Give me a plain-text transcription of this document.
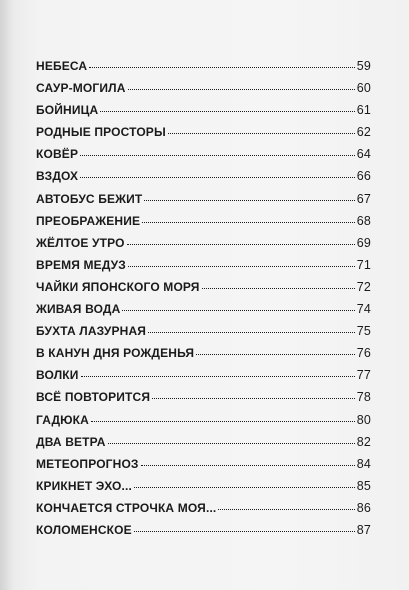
НЕБЕСА	59
САУР-МОГИЛА	60
БОЙНИЦА	61
РОДНЫЕ ПРОСТОРЫ	62
КОВЁР	64
ВЗДОХ	66
АВТОБУС БЕЖИТ	67
ПРЕОБРАЖЕНИЕ	68
ЖЁЛТОЕ УТРО	69
ВРЕМЯ МЕДУЗ	71
ЧАЙКИ ЯПОНСКОГО МОРЯ	72
ЖИВАЯ ВОДА	74
БУХТА ЛАЗУРНАЯ	75
В КАНУН ДНЯ РОЖДЕНЬЯ	76
ВОЛКИ	77
ВСЁ ПОВТОРИТСЯ	78
ГАДЮКА	80
ДВА ВЕТРА	82
МЕТЕОПРОГНОЗ	84
КРИКНЕТ ЭХО...	85
КОНЧАЕТСЯ СТРОЧКА МОЯ...	86
КОЛОМЕНСКОЕ	87
